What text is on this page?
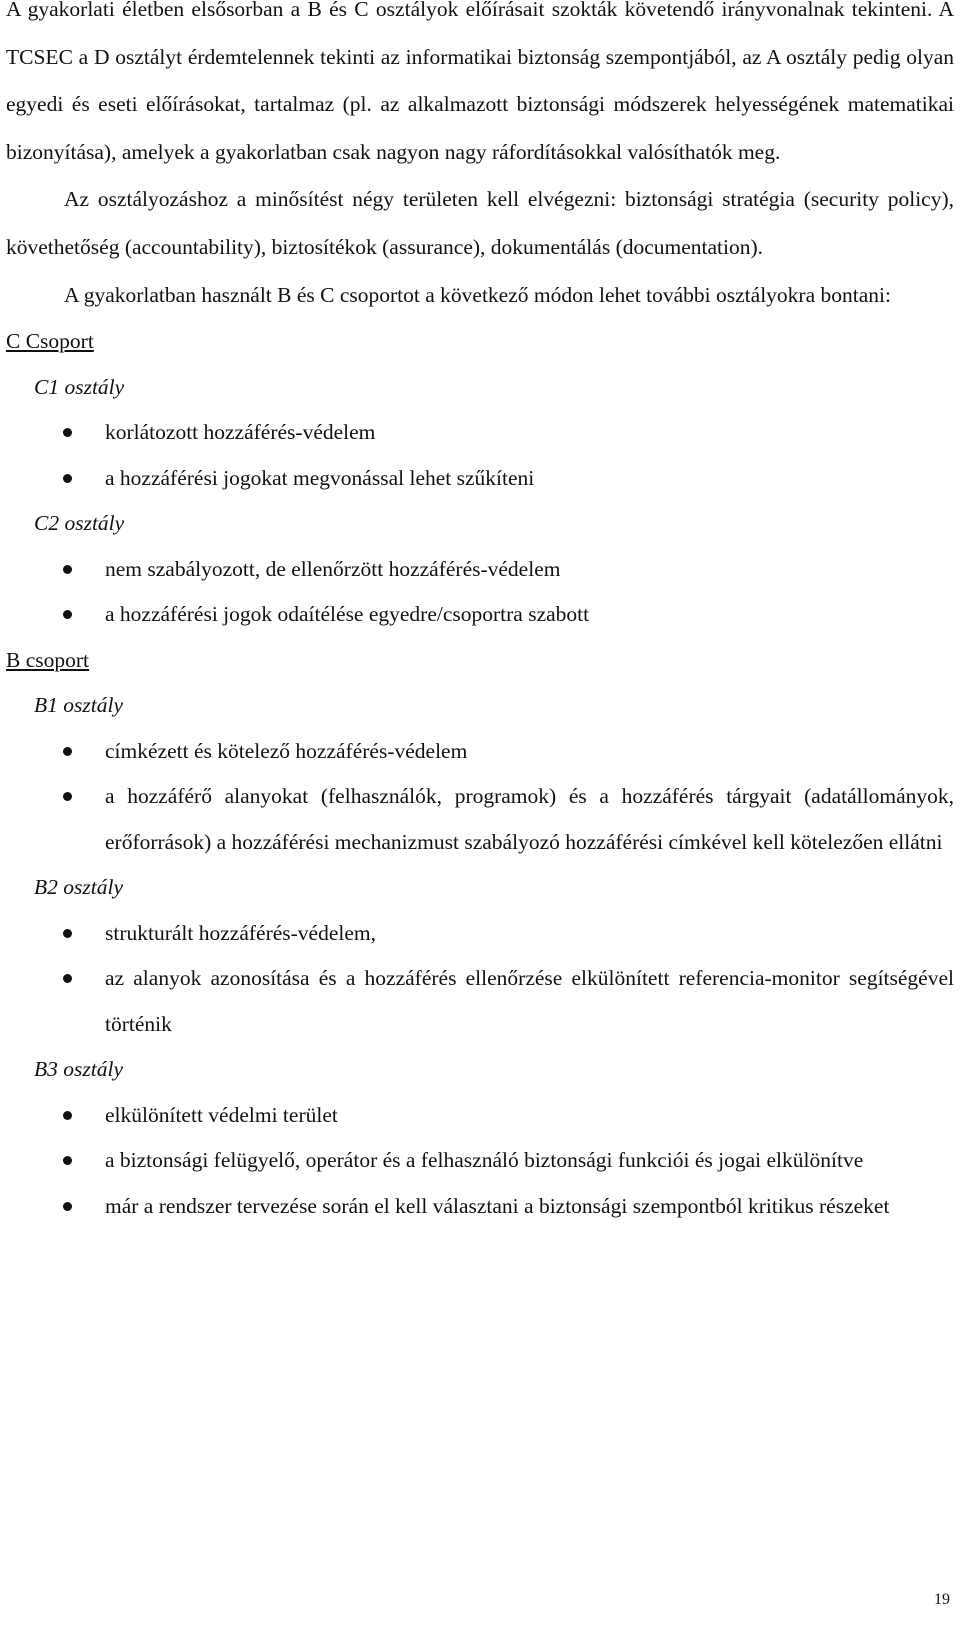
A gyakorlati életben elsősorban a B és C osztályok előírásait szokták követendő irányvonalnak tekinteni. A TCSEC a D osztályt érdemtelennek tekinti az informatikai biztonság szempontjából, az A osztály pedig olyan egyedi és eseti előírásokat, tartalmaz (pl. az alkalmazott biztonsági módszerek helyességének matematikai bizonyítása), amelyek a gyakorlatban csak nagyon nagy ráfordításokkal valósíthatók meg.

Az osztályozáshoz a minősítést négy területen kell elvégezni: biztonsági stratégia (security policy), követhetőség (accountability), biztosítékok (assurance), dokumentálás (documentation).

A gyakorlatban használt B és C csoportot a következő módon lehet további osztályokra bontani:

C Csoport
C1 osztály
korlátozott hozzáférés-védelem
a hozzáférési jogokat megvonással lehet szűkíteni
C2 osztály
nem szabályozott, de ellenőrzött hozzáférés-védelem
a hozzáférési jogok odaítélése egyedre/csoportra szabott
B csoport
B1 osztály
címkézett és kötelező hozzáférés-védelem
a hozzáférő alanyokat (felhasználók, programok) és a hozzáférés tárgyait (adatállományok, erőforrások) a hozzáférési mechanizmust szabályozó hozzáférési címkével kell kötelezően ellátni
B2 osztály
strukturált hozzáférés-védelem,
az alanyok azonosítása és a hozzáférés ellenőrzése elkülönített referencia-monitor segítségével történik
B3 osztály
elkülönített védelmi terület
a biztonsági felügyelő, operátor és a felhasználó biztonsági funkciói és jogai elkülönítve
már a rendszer tervezése során el kell választani a biztonsági szempontból kritikus részeket
19
